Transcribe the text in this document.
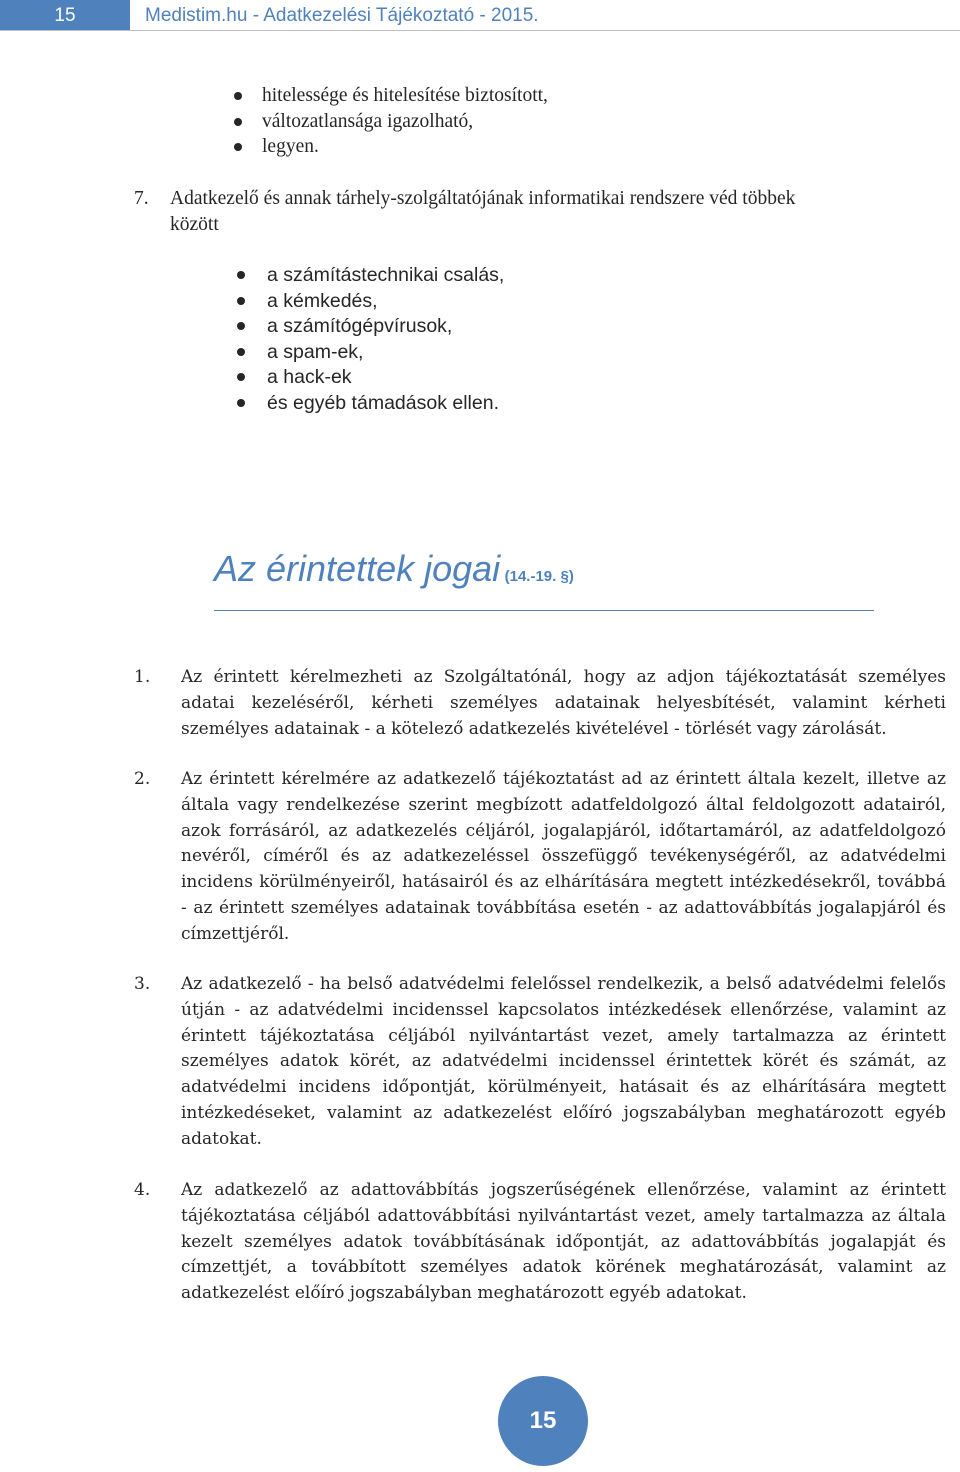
15	Medistim.hu - Adatkezelési Tájékoztató - 2015.
hitelessége és hitelesítése biztosított,
változatlansága igazolható,
legyen.
7.	Adatkezelő és annak tárhely-szolgáltatójának informatikai rendszere véd többek
között
a számítástechnikai csalás,
a kémkedés,
a számítógépvírusok,
a spam-ek,
a hack-ek
és egyéb támadások ellen.
Az érintettek jogai (14.-19. §)
1. Az érintett kérelmezheti az Szolgáltatónál, hogy az adjon tájékoztatását személyes adatai kezeléséről, kérheti személyes adatainak helyesbítését, valamint kérheti személyes adatainak - a kötelező adatkezelés kivételével - törlését vagy zárolását.
2. Az érintett kérelmére az adatkezelő tájékoztatást ad az érintett általa kezelt, illetve az általa vagy rendelkezése szerint megbízott adatfeldolgozó által feldolgozott adatairól, azok forrásáról, az adatkezelés céljáról, jogalapjáról, időtartamáról, az adatfeldolgozó nevéről, címéről és az adatkezeléssel összefüggő tevékenységéről, az adatvédelmi incidens körülményeiről, hatásairól és az elhárítására megtett intézkedésekről, továbbá - az érintett személyes adatainak továbbítása esetén - az adattovábbítás jogalapjáról és címzettjéről.
3. Az adatkezelő - ha belső adatvédelmi felelőssel rendelkezik, a belső adatvédelmi felelős útján - az adatvédelmi incidenssel kapcsolatos intézkedések ellenőrzése, valamint az érintett tájékoztatása céljából nyilvántartást vezet, amely tartalmazza az érintett személyes adatok körét, az adatvédelmi incidenssel érintettek körét és számát, az adatvédelmi incidens időpontját, körülményeit, hatásait és az elhárítására megtett intézkedéseket, valamint az adatkezelést előíró jogszabályban meghatározott egyéb adatokat.
4. Az adatkezelő az adattovábbítás jogszerűségének ellenőrzése, valamint az érintett tájékoztatása céljából adattovábbítási nyilvántartást vezet, amely tartalmazza az általa kezelt személyes adatok továbbításának időpontját, az adattovábbítás jogalapját és címzettjét, a továbbított személyes adatok körének meghatározását, valamint az adatkezelést előíró jogszabályban meghatározott egyéb adatokat.
15
